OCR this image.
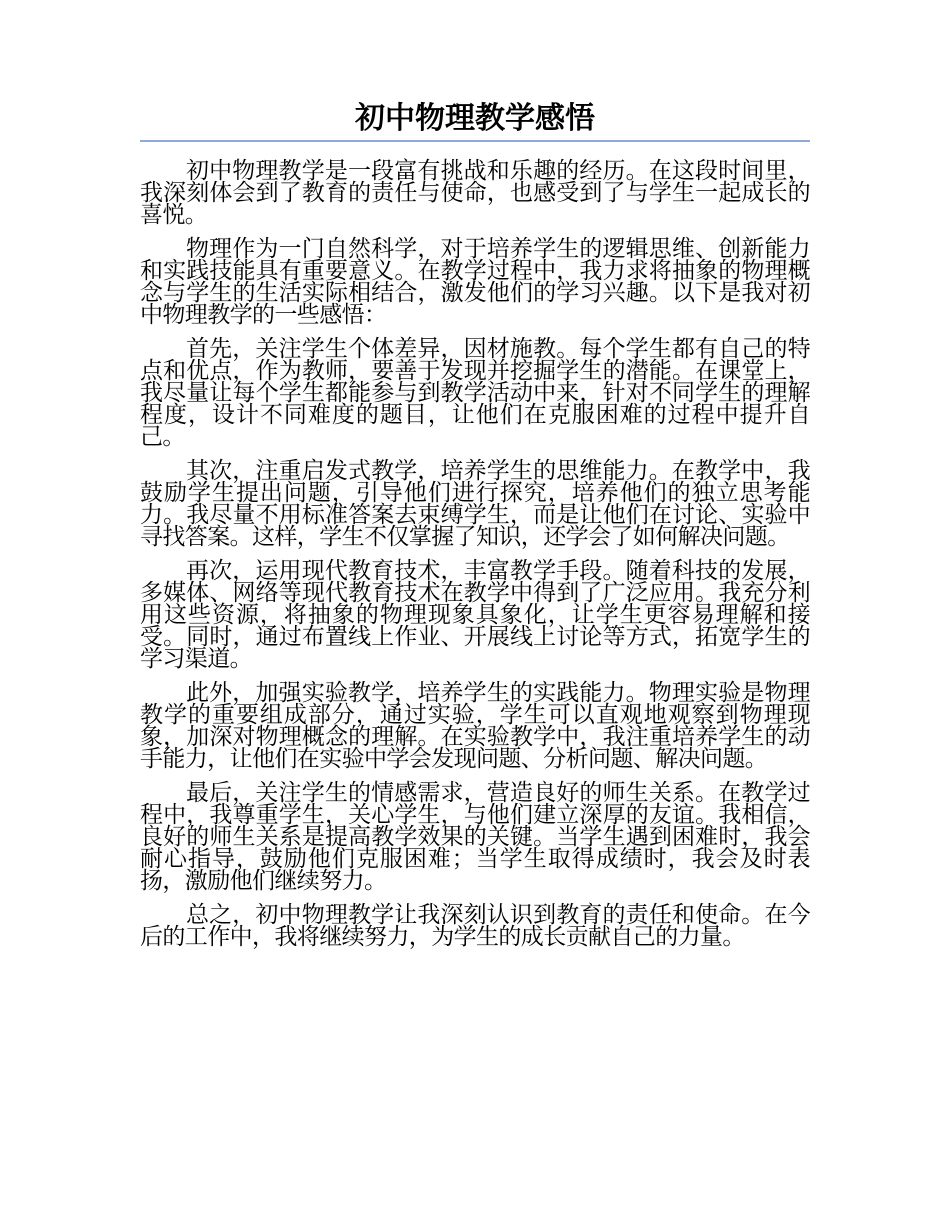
初中物理教学感悟

初中物理教学是一段富有挑战和乐趣的经历。在这段时间里，我深刻体会到了教育的责任与使命，也感受到了与学生一起成长的喜悦。

物理作为一门自然科学，对于培养学生的逻辑思维、创新能力和实践技能具有重要意义。在教学过程中，我力求将抽象的物理概念与学生的生活实际相结合，激发他们的学习兴趣。以下是我对初中物理教学的一些感悟：

首先，关注学生个体差异，因材施教。每个学生都有自己的特点和优点，作为教师，要善于发现并挖掘学生的潜能。在课堂上，我尽量让每个学生都能参与到教学活动中来，针对不同学生的理解程度，设计不同难度的题目，让他们在克服困难的过程中提升自己。

其次，注重启发式教学，培养学生的思维能力。在教学中，我鼓励学生提出问题，引导他们进行探究，培养他们的独立思考能力。我尽量不用标准答案去束缚学生，而是让他们在讨论、实验中寻找答案。这样，学生不仅掌握了知识，还学会了如何解决问题。

再次，运用现代教育技术，丰富教学手段。随着科技的发展，多媒体、网络等现代教育技术在教学中得到了广泛应用。我充分利用这些资源，将抽象的物理现象具象化，让学生更容易理解和接受。同时，通过布置线上作业、开展线上讨论等方式，拓宽学生的学习渠道。

此外，加强实验教学，培养学生的实践能力。物理实验是物理教学的重要组成部分，通过实验，学生可以直观地观察到物理现象，加深对物理概念的理解。在实验教学中，我注重培养学生的动手能力，让他们在实验中学会发现问题、分析问题、解决问题。

最后，关注学生的情感需求，营造良好的师生关系。在教学过程中，我尊重学生，关心学生，与他们建立深厚的友谊。我相信，良好的师生关系是提高教学效果的关键。当学生遇到困难时，我会耐心指导，鼓励他们克服困难；当学生取得成绩时，我会及时表扬，激励他们继续努力。

总之，初中物理教学让我深刻认识到教育的责任和使命。在今后的工作中，我将继续努力，为学生的成长贡献自己的力量。
